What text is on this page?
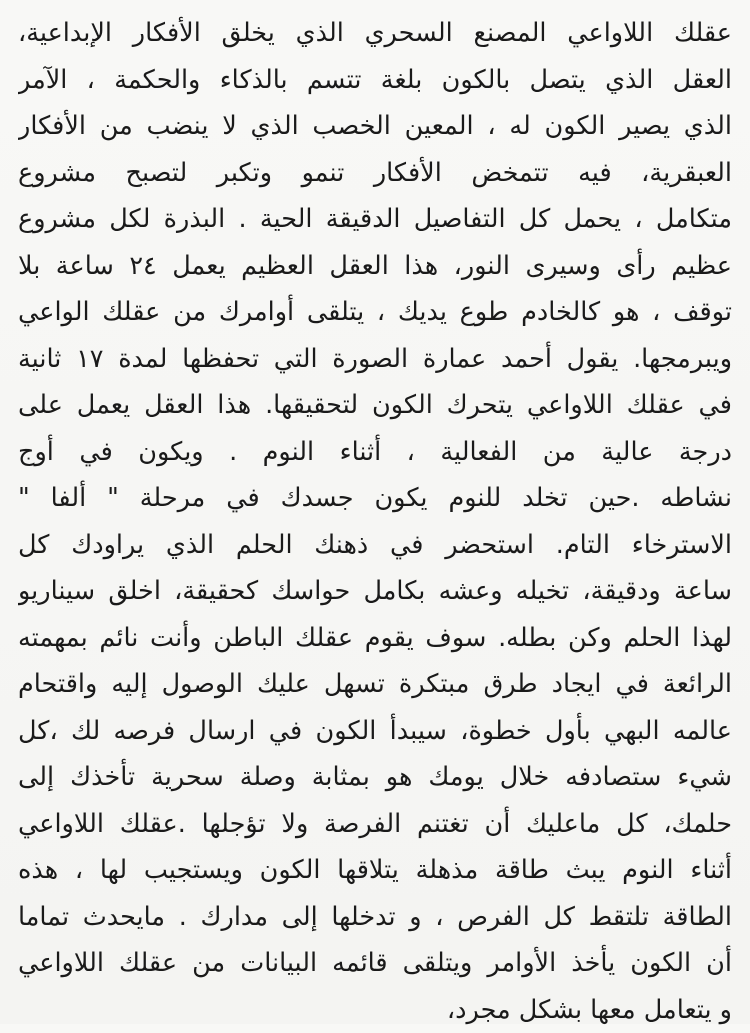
عقلك اللاواعي المصنع السحري الذي يخلق الأفكار الإبداعية،
العقل الذي يتصل بالكون بلغة تتسم بالذكاء والحكمة ، الآمر
الذي يصير الكون له ، المعين الخصب الذي لا ينضب من الأفكار
العبقرية، فيه تتمخض الأفكار تنمو وتكبر لتصبح مشروع
متكامل ، يحمل كل التفاصيل الدقيقة الحية . البذرة لكل مشروع
عظيم رأى وسيرى النور، هذا العقل العظيم يعمل ٢٤ ساعة بلا
توقف ، هو كالخادم طوع يديك ، يتلقى أوامرك من عقلك الواعي
ويبرمجها. يقول أحمد عمارة الصورة التي تحفظها لمدة ١٧ ثانية
في عقلك اللاواعي يتحرك الكون لتحقيقها. هذا العقل يعمل على
درجة عالية من الفعالية ، أثناء النوم . ويكون في أوج
نشاطه .حين تخلد للنوم يكون جسدك في مرحلة " ألفا "
الاسترخاء التام. استحضر في ذهنك الحلم الذي يراودك كل
ساعة ودقيقة، تخيله وعشه بكامل حواسك كحقيقة، اخلق سيناريو
لهذا الحلم وكن بطله. سوف يقوم عقلك الباطن وأنت نائم بمهمته
الرائعة في ايجاد طرق مبتكرة تسهل عليك الوصول إليه واقتحام
عالمه البهي بأول خطوة، سيبدأ الكون في ارسال فرصه لك ،كل
شيء ستصادفه خلال يومك هو بمثابة وصلة سحرية تأخذك إلى
حلمك، كل ماعليك أن تغتنم الفرصة ولا تؤجلها .عقلك اللاواعي
أثناء النوم يبث طاقة مذهلة يتلاقها الكون ويستجيب لها ، هذه
الطاقة تلتقط كل الفرص ، و تدخلها إلى مدارك . مايحدث تماما
أن الكون يأخذ الأوامر ويتلقى قائمه البيانات من عقلك اللاواعي
و يتعامل معها بشكل مجرد،
